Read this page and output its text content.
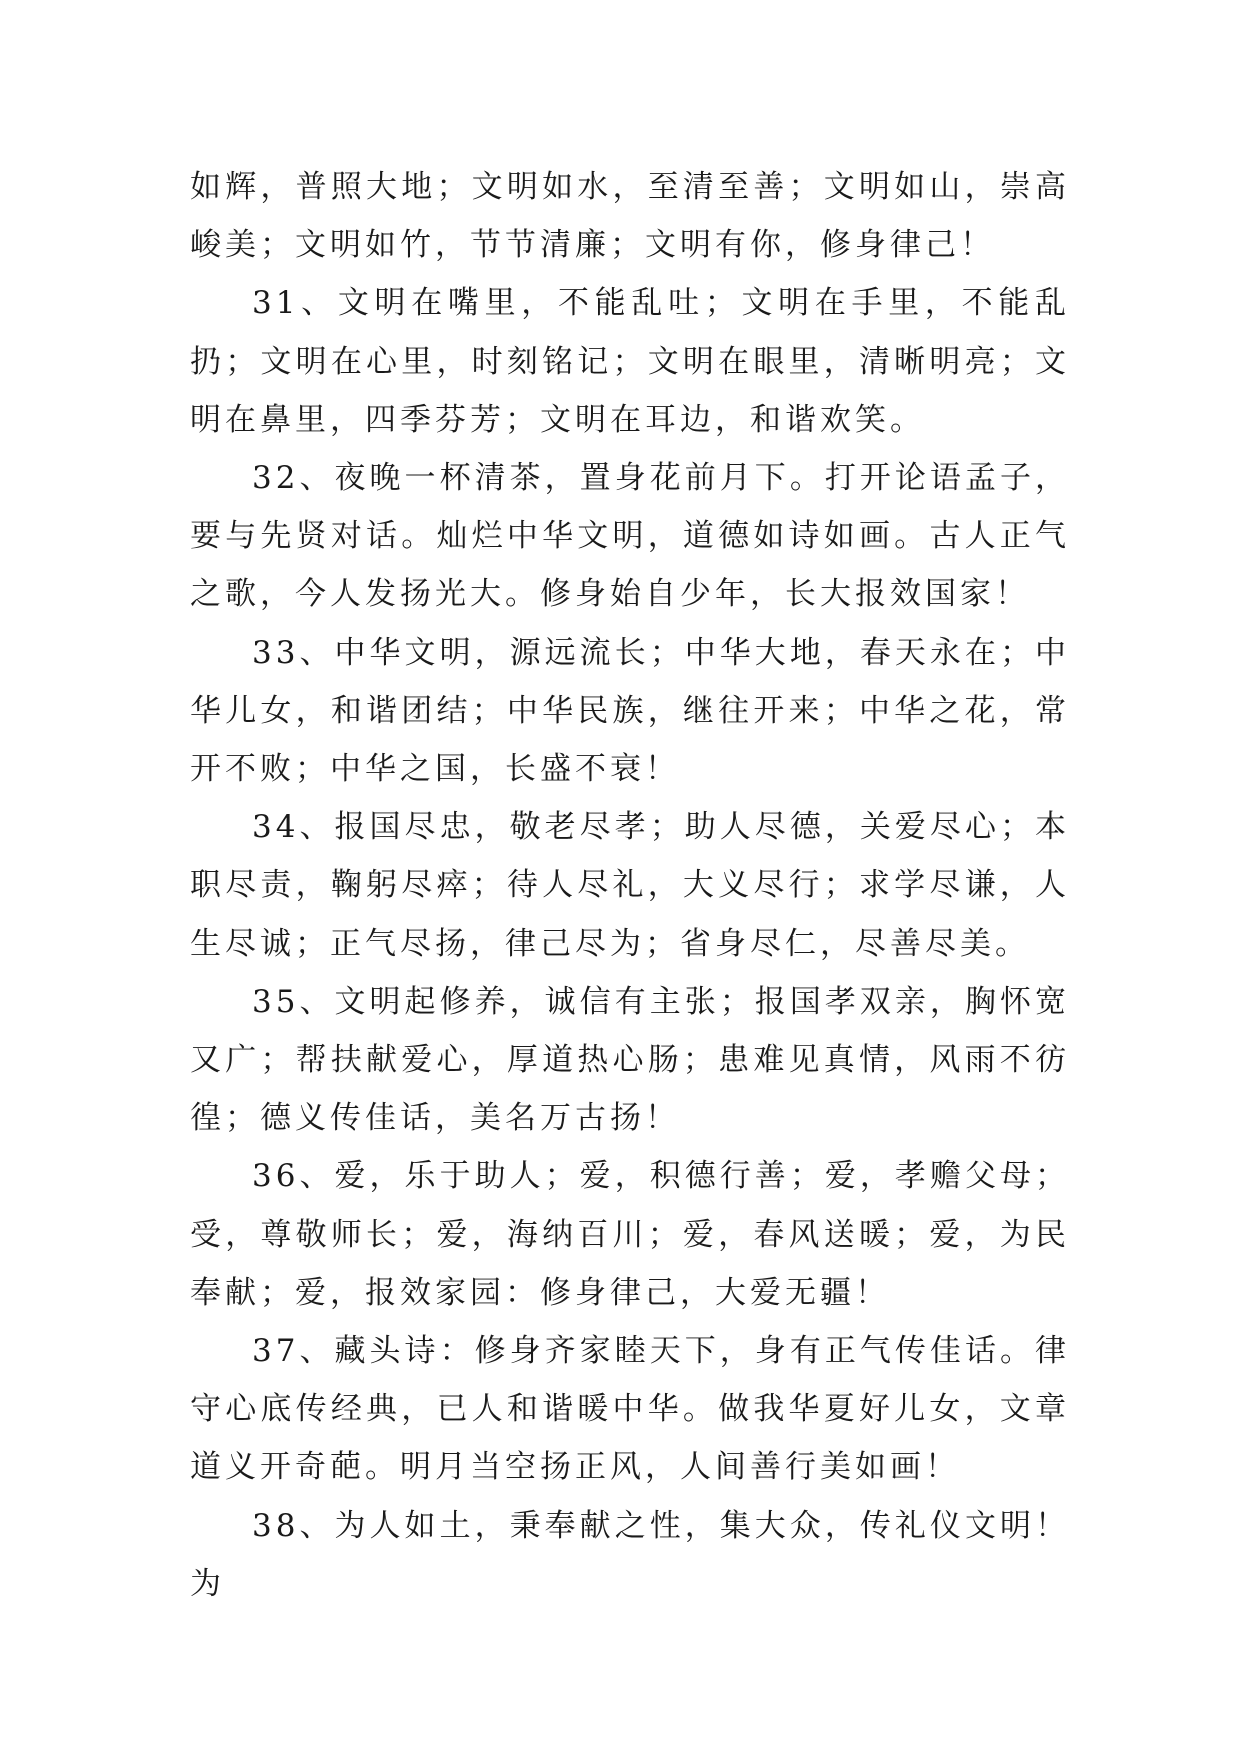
如辉，普照大地；文明如水，至清至善；文明如山，崇高峻美；文明如竹，节节清廉；文明有你，修身律己！

31、文明在嘴里，不能乱吐；文明在手里，不能乱扔；文明在心里，时刻铭记；文明在眼里，清晰明亮；文明在鼻里，四季芬芳；文明在耳边，和谐欢笑。

32、夜晚一杯清茶，置身花前月下。打开论语孟子，要与先贤对话。灿烂中华文明，道德如诗如画。古人正气之歌，今人发扬光大。修身始自少年，长大报效国家！

33、中华文明，源远流长；中华大地，春天永在；中华儿女，和谐团结；中华民族，继往开来；中华之花，常开不败；中华之国，长盛不衰！

34、报国尽忠，敬老尽孝；助人尽德，关爱尽心；本职尽责，鞠躬尽瘁；待人尽礼，大义尽行；求学尽谦，人生尽诚；正气尽扬，律己尽为；省身尽仁，尽善尽美。

35、文明起修养，诚信有主张；报国孝双亲，胸怀宽又广；帮扶献爱心，厚道热心肠；患难见真情，风雨不彷徨；德义传佳话，美名万古扬！

36、爱，乐于助人；爱，积德行善；爱，孝赡父母；受，尊敬师长；爱，海纳百川；爱，春风送暖；爱，为民奉献；爱，报效家园：修身律己，大爱无疆！

37、藏头诗：修身齐家睦天下，身有正气传佳话。律守心底传经典，已人和谐暖中华。做我华夏好儿女，文章道义开奇葩。明月当空扬正风，人间善行美如画！

38、为人如土，秉奉献之性，集大众，传礼仪文明！为
